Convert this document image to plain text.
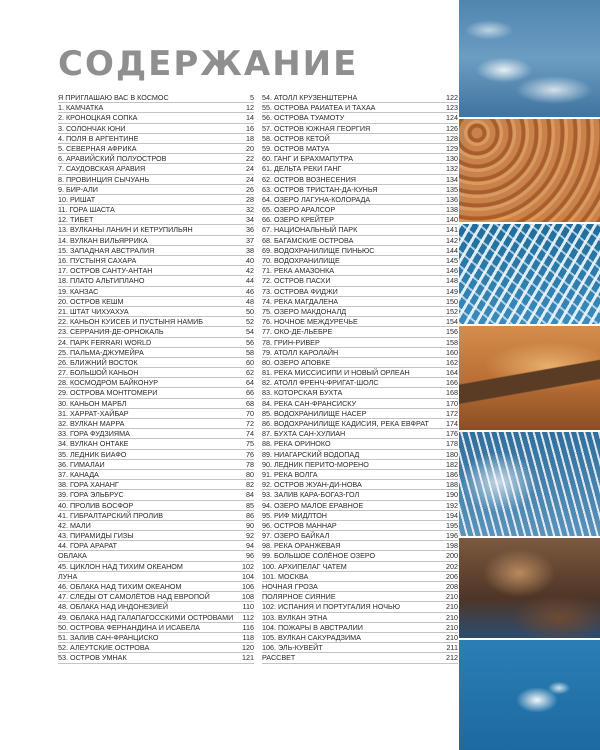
СОДЕРЖАНИЕ
Я ПРИГЛАШАЮ ВАС В КОСМОС	5
1. КАМЧАТКА	12
2. КРОНОЦКАЯ СОПКА	14
3. СОЛОНЧАК ЮНИ	16
4. ПОЛЯ В АРГЕНТИНЕ	18
5. СЕВЕРНАЯ АФРИКА	20
6. АРАВИЙСКИЙ ПОЛУОСТРОВ	22
7. САУДОВСКАЯ АРАВИЯ	24
8. ПРОВИНЦИЯ СЫЧУАНЬ	24
9. БИР-АЛИ	26
10. РИШАТ	28
11. ГОРА ШАСТА	32
12. ТИБЕТ	34
13. ВУЛКАНЫ ЛАНИН И КЕТРУПИЛЬЯН	36
14. ВУЛКАН ВИЛЬЯРРИКА	37
15. ЗАПАДНАЯ АВСТРАЛИЯ	38
16. ПУСТЫНЯ САХАРА	40
17. ОСТРОВ САНТУ-АНТАН	42
18. ПЛАТО АЛЬТИПЛАНО	44
19. КАНЗАС	46
20. ОСТРОВ КЕШМ	48
21. ШТАТ ЧИХУАХУА	50
22. КАНЬОН КУИСЕБ И ПУСТЫНЯ НАМИБ	52
23. СЕРРАНИЯ-ДЕ-ОРНОКАЛЬ	54
24. ПАРК FERRARI WORLD	56
25. ПАЛЬМА-ДЖУМЕЙРА	58
26. БЛИЖНИЙ ВОСТОК	60
27. БОЛЬШОЙ КАНЬОН	62
28. КОСМОДРОМ БАЙКОНУР	64
29. ОСТРОВА МОНТГОМЕРИ	66
30. КАНЬОН МАРБЛ	68
31. ХАРРАТ-ХАЙБАР	70
32. ВУЛКАН МАРРА	72
33. ГОРА ФУДЗИЯМА	74
34. ВУЛКАН ОНТАКЕ	75
35. ЛЕДНИК БИАФО	76
36. ГИМАЛАИ	78
37. КАНАДА	80
38. ГОРА ХАНАНГ	82
39. ГОРА ЭЛЬБРУС	84
40. ПРОЛИВ БОСФОР	85
41. ГИБРАЛТАРСКИЙ ПРОЛИВ	86
42. МАЛИ	90
43. ПИРАМИДЫ ГИЗЫ	92
44. ГОРА АРАРАТ	94
ОБЛАКА	96
45. ЦИКЛОН НАД ТИХИМ ОКЕАНОМ	102
ЛУНА	104
46. ОБЛАКА НАД ТИХИМ ОКЕАНОМ	106
47. СЛЕДЫ ОТ САМОЛЁТОВ НАД ЕВРОПОЙ	108
48. ОБЛАКА НАД ИНДОНЕЗИЕЙ	110
49. ОБЛАКА НАД ГАЛАПАГОССКИМИ ОСТРОВАМИ	112
50. ОСТРОВА ФЕРНАНДИНА И ИСАБЕЛА	116
51. ЗАЛИВ САН-ФРАНЦИСКО	118
52. АЛЕУТСКИЕ ОСТРОВА	120
53. ОСТРОВ УМНАК	121
54. АТОЛЛ КРУЗЕНШТЕРНА	122
55. ОСТРОВА РАИАТЕА И ТАХАА	123
56. ОСТРОВА ТУАМОТУ	124
57. ОСТРОВ ЮЖНАЯ ГЕОРГИЯ	126
58. ОСТРОВ КЕТОЙ	128
59. ОСТРОВ МАТУА	129
60. ГАНГ И БРАХМАПУТРА	130
61. ДЕЛЬТА РЕКИ ГАНГ	132
62. ОСТРОВ ВОЗНЕСЕНИЯ	134
63. ОСТРОВ ТРИСТАН-ДА-КУНЬЯ	135
64. ОЗЕРО ЛАГУНА-КОЛОРАДА	136
65. ОЗЕРО АРАЛСОР	138
66. ОЗЕРО КРЕЙТЕР	140
67. НАЦИОНАЛЬНЫЙ ПАРК	141
68. БАГАМСКИЕ ОСТРОВА	142
69. ВОДОХРАНИЛИЩЕ ПИНЬЮС	144
70. ВОДОХРАНИЛИЩЕ	145
71. РЕКА АМАЗОНКА	146
72. ОСТРОВ ПАСХИ	148
73. ОСТРОВА ФИДЖИ	149
74. РЕКА МАГДАЛЕНА	150
75. ОЗЕРО МАКДОНАЛД	152
76. НОЧНОЕ МЕЖДУРЕЧЬЕ	154
77. ОКО-ДЕ-ЛЬЕБРЕ	156
78. ГРИН-РИВЕР	158
79. АТОЛЛ КАРОЛАЙН	160
80. ОЗЕРО АПОВКЕ	162
81. РЕКА МИССИСИПИ И НОВЫЙ ОРЛЕАН	164
82. АТОЛЛ ФРЕНЧ-ФРИГАТ-ШОЛС	166
83. КОТОРСКАЯ БУХТА	168
84. РЕКА САН-ФРАНСИСКУ	170
85. ВОДОХРАНИЛИЩЕ НАСЕР	172
86. ВОДОХРАНИЛИЩЕ КАДИСИЯ, РЕКА ЕВФРАТ	174
87. БУХТА САН-ХУЛИАН	176
88. РЕКА ОРИНОКО	178
89. НИАГАРСКИЙ ВОДОПАД	180
90. ЛЕДНИК ПЕРИТО-МОРЕНО	182
91. РЕКА ВОЛГА	186
92. ОСТРОВ ЖУАН-ДИ-НОВА	188
93. ЗАЛИВ КАРА-БОГАЗ-ГОЛ	190
94. ОЗЕРО МАЛОЕ ЕРАВНОЕ	192
95. РИФ МИДЛТОН	194
96. ОСТРОВ МАННАР	195
97. ОЗЕРО БАЙКАЛ	196
98. РЕКА ОРАНЖЕВАЯ	198
99. БОЛЬШОЕ СОЛЁНОЕ ОЗЕРО	200
100. АРХИПЕЛАГ ЧАТЕМ	202
101. МОСКВА	206
НОЧНАЯ ГРОЗА	208
ПОЛЯРНОЕ СИЯНИЕ	210
102. ИСПАНИЯ И ПОРТУГАЛИЯ НОЧЬЮ	210
103. ВУЛКАН ЭТНА	210
104. ПОЖАРЫ В АВСТРАЛИИ	210
105. ВУЛКАН САКУРАДЗИМА	210
106. ЭЛЬ-КУВЕЙТ	211
РАССВЕТ	212
